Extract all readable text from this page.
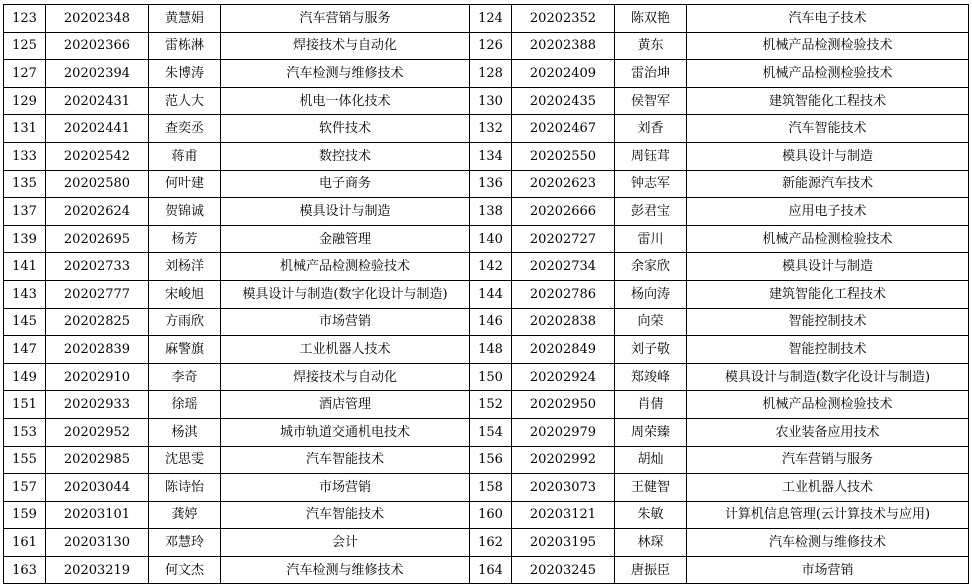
123	20202348	黄慧娟	汽车营销与服务	124	20202352	陈双艳	汽车电子技术
125	20202366	雷栋淋	焊接技术与自动化	126	20202388	黄东	机械产品检测检验技术
127	20202394	朱博涛	汽车检测与维修技术	128	20202409	雷治坤	机械产品检测检验技术
129	20202431	范人大	机电一体化技术	130	20202435	侯智军	建筑智能化工程技术
131	20202441	查奕丞	软件技术	132	20202467	刘香	汽车智能技术
133	20202542	蒋甫	数控技术	134	20202550	周钰茸	模具设计与制造
135	20202580	何叶建	电子商务	136	20202623	钟志军	新能源汽车技术
137	20202624	贺锦诚	模具设计与制造	138	20202666	彭君宝	应用电子技术
139	20202695	杨芳	金融管理	140	20202727	雷川	机械产品检测检验技术
141	20202733	刘杨洋	机械产品检测检验技术	142	20202734	余家欣	模具设计与制造
143	20202777	宋峻旭	模具设计与制造(数字化设计与制造)	144	20202786	杨向涛	建筑智能化工程技术
145	20202825	方雨欣	市场营销	146	20202838	向荣	智能控制技术
147	20202839	麻警旗	工业机器人技术	148	20202849	刘子敬	智能控制技术
149	20202910	李奇	焊接技术与自动化	150	20202924	郑竣峰	模具设计与制造(数字化设计与制造)
151	20202933	徐瑶	酒店管理	152	20202950	肖倩	机械产品检测检验技术
153	20202952	杨淇	城市轨道交通机电技术	154	20202979	周荣臻	农业装备应用技术
155	20202985	沈思雯	汽车智能技术	156	20202992	胡灿	汽车营销与服务
157	20203044	陈诗怡	市场营销	158	20203073	王健智	工业机器人技术
159	20203101	龚婷	汽车智能技术	160	20203121	朱敏	计算机信息管理(云计算技术与应用)
161	20203130	邓慧玲	会计	162	20203195	林琛	汽车检测与维修技术
163	20203219	何文杰	汽车检测与维修技术	164	20203245	唐振臣	市场营销
